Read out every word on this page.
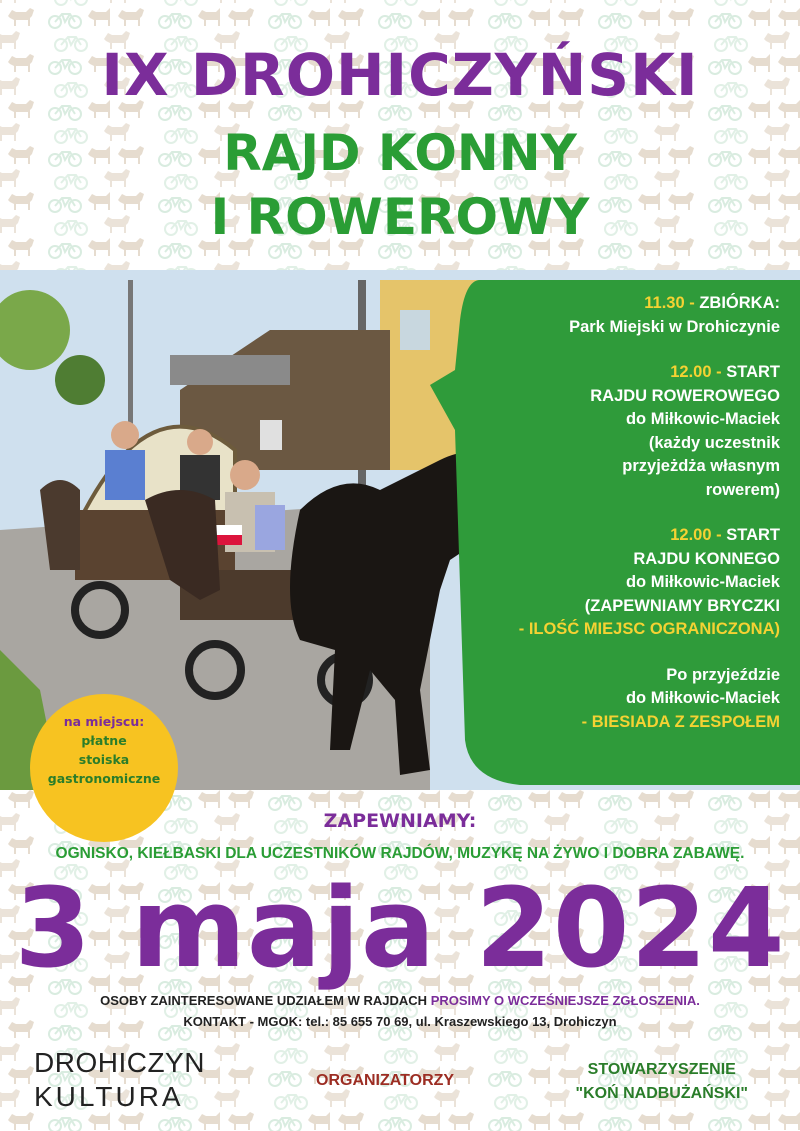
IX DROHICZYŃSKI
RAJD KONNY
I ROWEROWY

11.30 - ZBIÓRKA:
Park Miejski w Drohiczynie

12.00 - START
RAJDU ROWEROWEGO
do Miłkowic-Maciek
(każdy uczestnik
przyjeżdża własnym
rowerem)

12.00 - START
RAJDU KONNEGO
do Miłkowic-Maciek
(ZAPEWNIAMY BRYCZKI
- ILOŚĆ MIEJSC OGRANICZONA)

Po przyjeździe
do Miłkowic-Maciek
- BIESIADA Z ZESPOŁEM

na miejscu:
płatne
stoiska
gastronomiczne
ZAPEWNIAMY:
OGNISKO, KIEŁBASKI DLA UCZESTNIKÓW RAJDÓW, MUZYKĘ NA ŻYWO I DOBRA ZABAWĘ.
3 maja 2024
OSOBY ZAINTERESOWANE UDZIAŁEM W RAJDACH PROSIMY O WCZEŚNIEJSZE ZGŁOSZENIA.
KONTAKT - MGOK: tel.: 85 655 70 69, ul. Kraszewskiego 13, Drohiczyn
DROHICZYN
KULTURA
ORGANIZATORZY
STOWARZYSZENIE
"KOŃ NADBUŻAŃSKI"
